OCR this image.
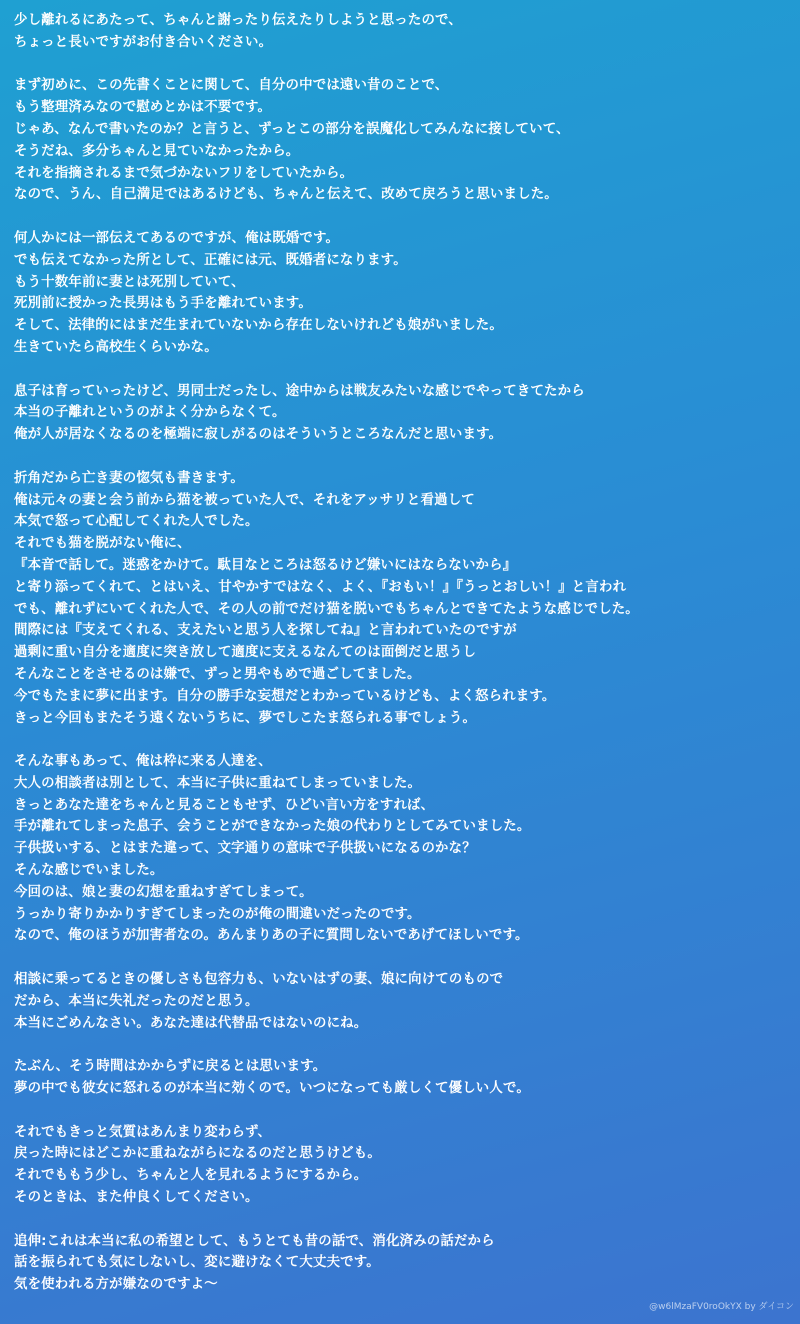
少し離れるにあたって、ちゃんと謝ったり伝えたりしようと思ったので、
ちょっと長いですがお付き合いください。
まず初めに、この先書くことに関して、自分の中では遠い昔のことで、
もう整理済みなので慰めとかは不要です。
じゃあ、なんで書いたのか？と言うと、ずっとこの部分を誤魔化してみんなに接していて、
そうだね、多分ちゃんと見ていなかったから。
それを指摘されるまで気づかないフリをしていたから。
なので、うん、自己満足ではあるけども、ちゃんと伝えて、改めて戻ろうと思いました。
何人かには一部伝えてあるのですが、俺は既婚です。
でも伝えてなかった所として、正確には元、既婚者になります。
もう十数年前に妻とは死別していて、
死別前に授かった長男はもう手を離れています。
そして、法律的にはまだ生まれていないから存在しないけれども娘がいました。
生きていたら高校生くらいかな。
息子は育っていったけど、男同士だったし、途中からは戦友みたいな感じでやってきてたから
本当の子離れというのがよく分からなくて。
俺が人が居なくなるのを極端に寂しがるのはそういうところなんだと思います。
折角だから亡き妻の惚気も書きます。
俺は元々の妻と会う前から猫を被っていた人で、それをアッサリと看過して
本気で怒って心配してくれた人でした。
それでも猫を脱がない俺に、
『本音で話して。迷惑をかけて。駄目なところは怒るけど嫌いにはならないから』
と寄り添ってくれて、とはいえ、甘やかすではなく、よく、『おもい！』『うっとおしい！』と言われ
でも、離れずにいてくれた人で、その人の前でだけ猫を脱いでもちゃんとできてたような感じでした。
間際には『支えてくれる、支えたいと思う人を探してね』と言われていたのですが
過剰に重い自分を適度に突き放して適度に支えるなんてのは面倒だと思うし
そんなことをさせるのは嫌で、ずっと男やもめで過ごしてました。
今でもたまに夢に出ます。自分の勝手な妄想だとわかっているけども、よく怒られます。
きっと今回もまたそう遠くないうちに、夢でしこたま怒られる事でしょう。
そんな事もあって、俺は枠に来る人達を、
大人の相談者は別として、本当に子供に重ねてしまっていました。
きっとあなた達をちゃんと見ることもせず、ひどい言い方をすれば、
手が離れてしまった息子、会うことができなかった娘の代わりとしてみていました。
子供扱いする、とはまた違って、文字通りの意味で子供扱いになるのかな？
そんな感じでいました。
今回のは、娘と妻の幻想を重ねすぎてしまって。
うっかり寄りかかりすぎてしまったのが俺の間違いだったのです。
なので、俺のほうが加害者なの。あんまりあの子に質問しないであげてほしいです。
相談に乗ってるときの優しさも包容力も、いないはずの妻、娘に向けてのもので
だから、本当に失礼だったのだと思う。
本当にごめんなさい。あなた達は代替品ではないのにね。
たぶん、そう時間はかからずに戻るとは思います。
夢の中でも彼女に怒れるのが本当に効くので。いつになっても厳しくて優しい人で。
それでもきっと気質はあんまり変わらず、
戻った時にはどこかに重ねながらになるのだと思うけども。
それでももう少し、ちゃんと人を見れるようにするから。
そのときは、また仲良くしてください。
追伸:これは本当に私の希望として、もうとても昔の話で、消化済みの話だから
話を振られても気にしないし、変に避けなくて大丈夫です。
気を使われる方が嫌なのですよ〜
@w6lMzaFV0roOkYX by ダイコン
